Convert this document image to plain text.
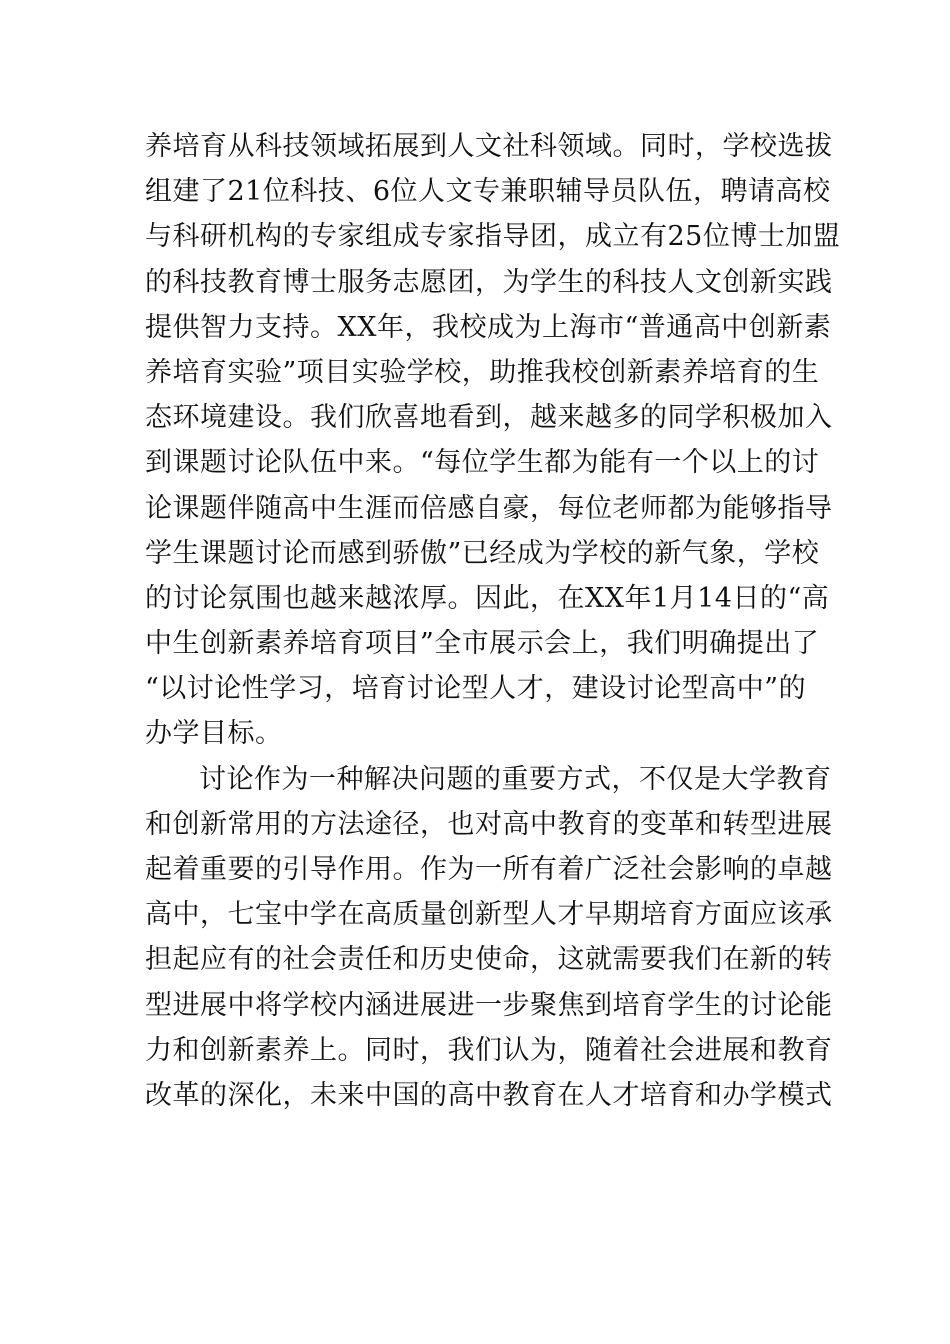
养培育从科技领域拓展到人文社科领域。同时，学校选拔
组建了21位科技、6位人文专兼职辅导员队伍，聘请高校
与科研机构的专家组成专家指导团，成立有25位博士加盟
的科技教育博士服务志愿团，为学生的科技人文创新实践
提供智力支持。XX年，我校成为上海市“普通高中创新素
养培育实验”项目实验学校，助推我校创新素养培育的生
态环境建设。我们欣喜地看到，越来越多的同学积极加入
到课题讨论队伍中来。“每位学生都为能有一个以上的讨
论课题伴随高中生涯而倍感自豪，每位老师都为能够指导
学生课题讨论而感到骄傲”已经成为学校的新气象，学校
的讨论氛围也越来越浓厚。因此，在XX年1月14日的“高
中生创新素养培育项目”全市展示会上，我们明确提出了
“以讨论性学习，培育讨论型人才，建设讨论型高中”的
办学目标。
讨论作为一种解决问题的重要方式，不仅是大学教育
和创新常用的方法途径，也对高中教育的变革和转型进展
起着重要的引导作用。作为一所有着广泛社会影响的卓越
高中，七宝中学在高质量创新型人才早期培育方面应该承
担起应有的社会责任和历史使命，这就需要我们在新的转
型进展中将学校内涵进展进一步聚焦到培育学生的讨论能
力和创新素养上。同时，我们认为，随着社会进展和教育
改革的深化，未来中国的高中教育在人才培育和办学模式
